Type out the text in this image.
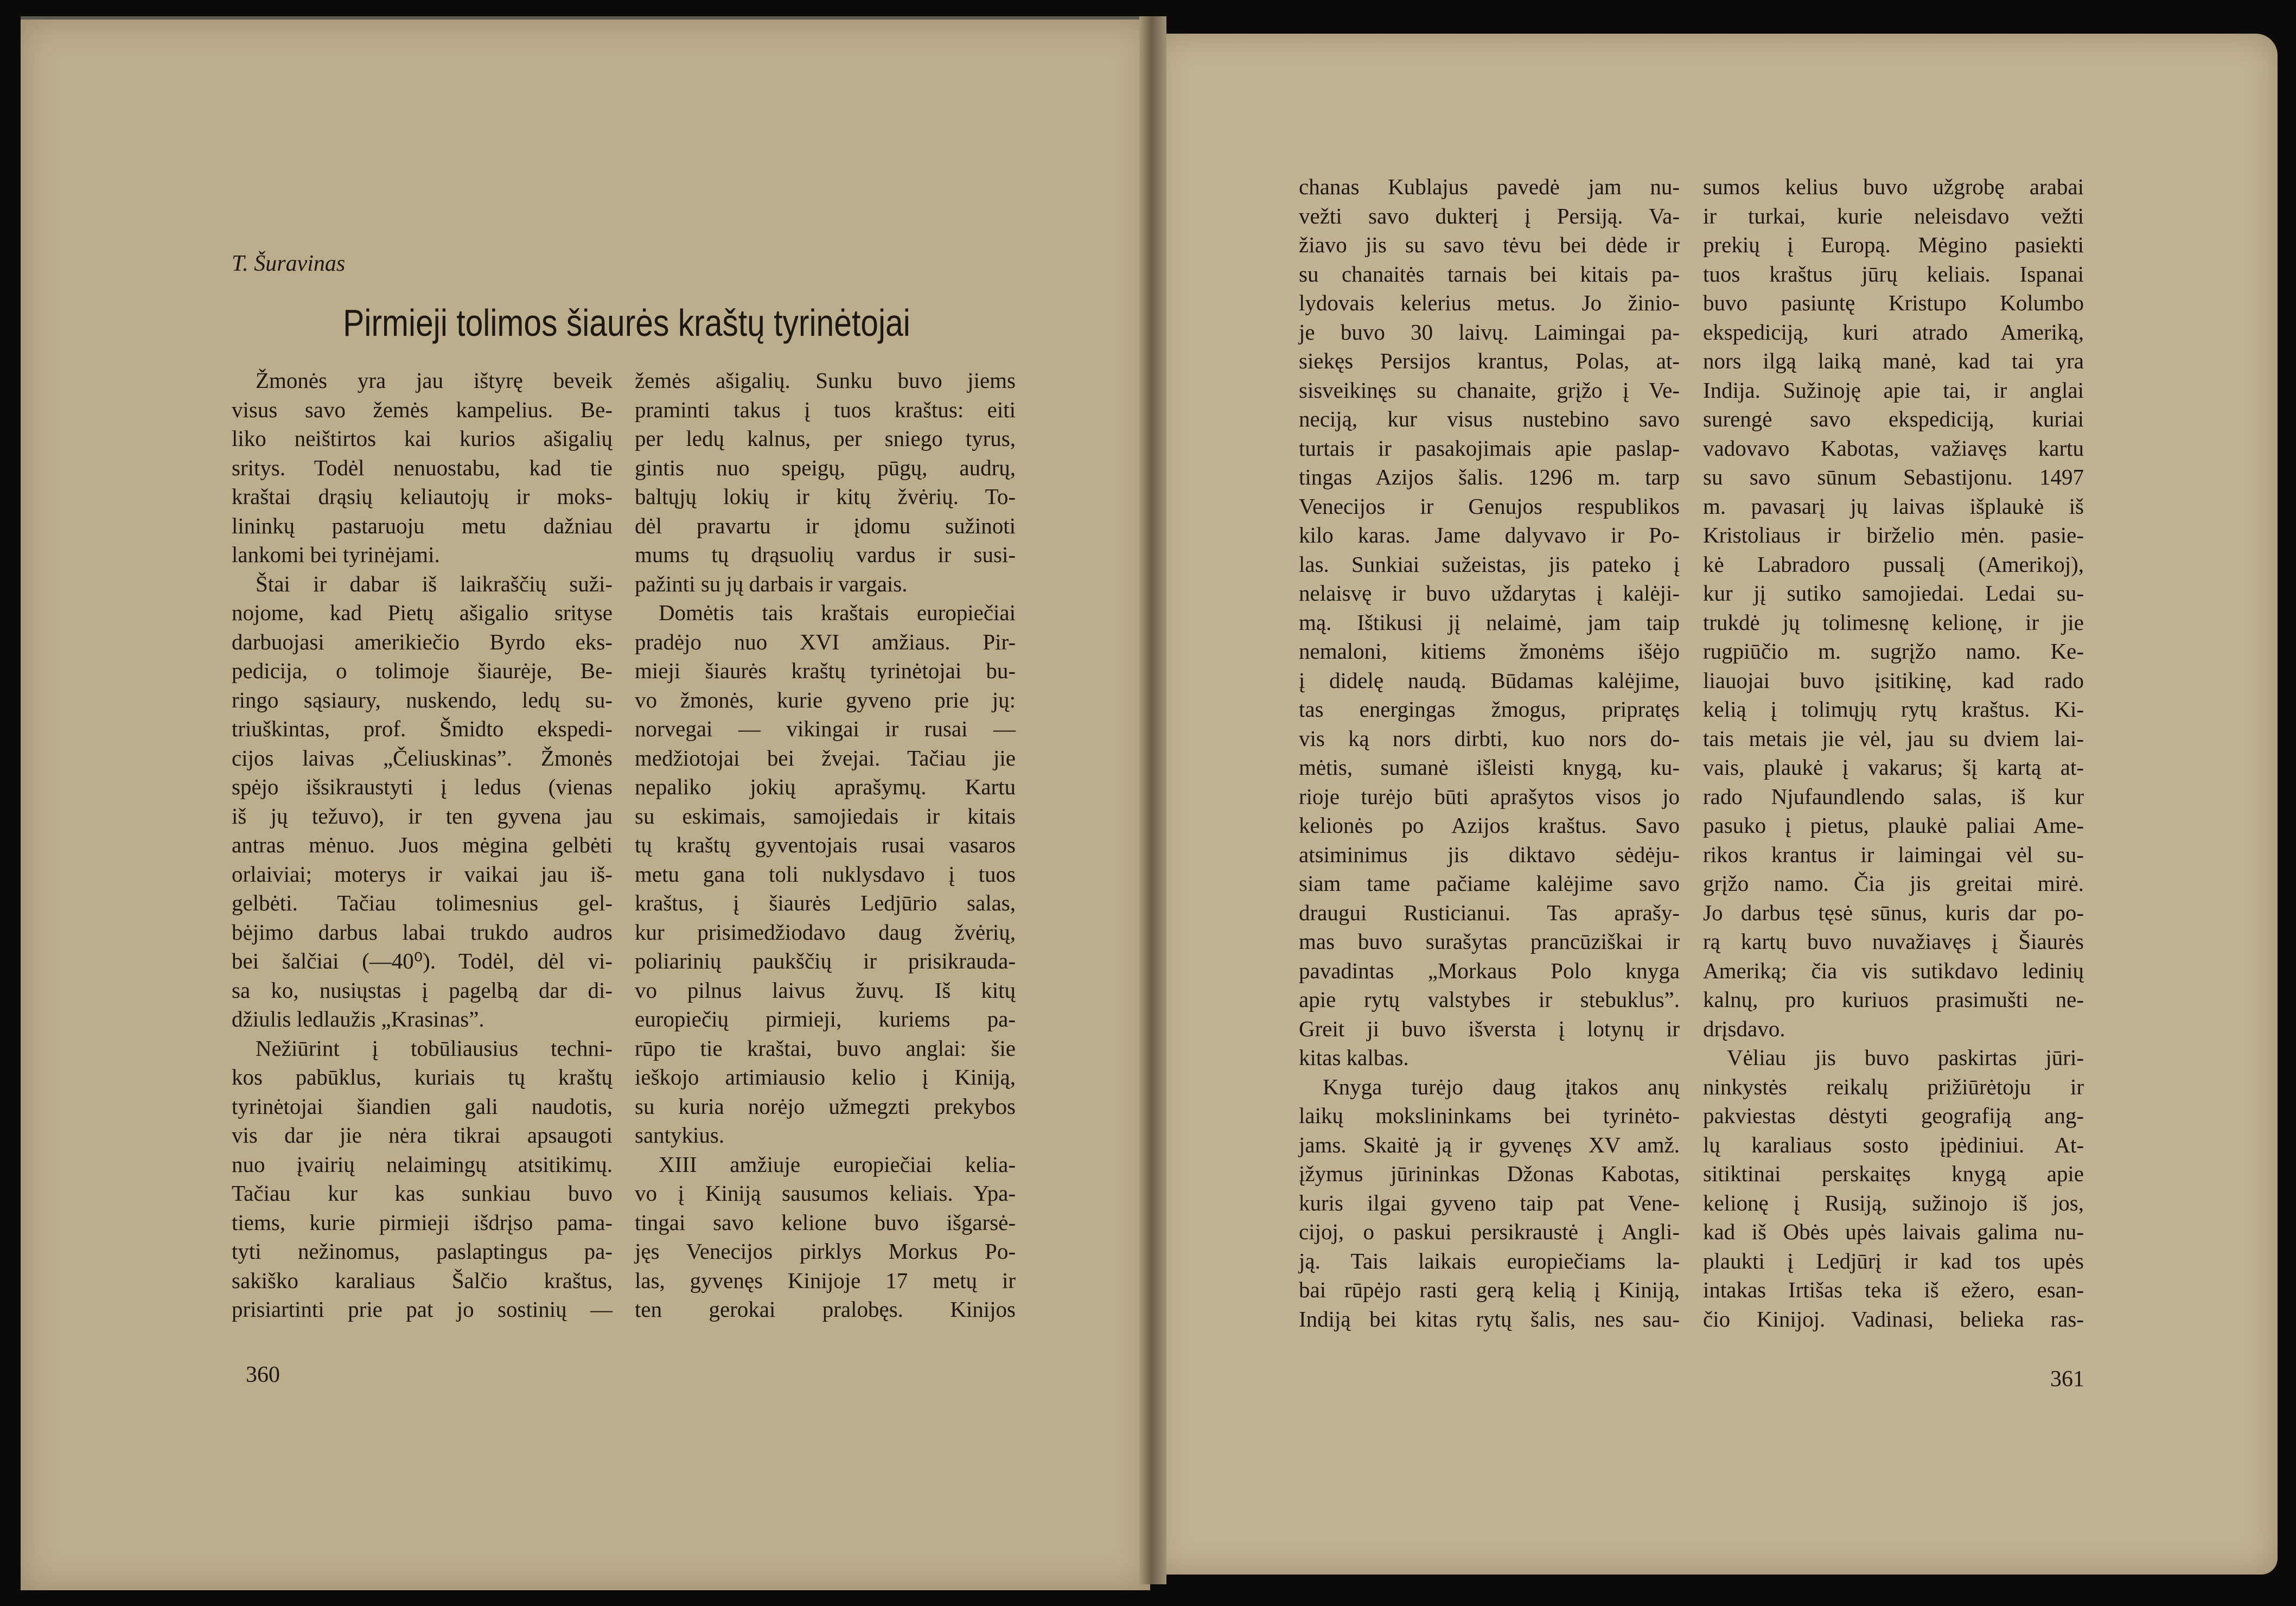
T. Šuravinas
Pirmieji tolimos šiaurės kraštų tyrinėtojai
Žmonės yra jau ištyrę beveik
visus savo žemės kampelius. Be-
liko neištirtos kai kurios ašigalių
sritys. Todėl nenuostabu, kad tie
kraštai drąsių keliautojų ir moks-
lininkų pastaruoju metu dažniau
lankomi bei tyrinėjami.
Štai ir dabar iš laikraščių suži-
nojome, kad Pietų ašigalio srityse
darbuojasi amerikiečio Byrdo eks-
pedicija, o tolimoje šiaurėje, Be-
ringo sąsiaury, nuskendo, ledų su-
triuškintas, prof. Šmidto ekspedi-
cijos laivas „Čeliuskinas”. Žmonės
spėjo išsikraustyti į ledus (vienas
iš jų težuvo), ir ten gyvena jau
antras mėnuo. Juos mėgina gelbėti
orlaiviai; moterys ir vaikai jau iš-
gelbėti. Tačiau tolimesnius gel-
bėjimo darbus labai trukdo audros
bei šalčiai (—40⁰). Todėl, dėl vi-
sa ko, nusiųstas į pagelbą dar di-
džiulis ledlaužis „Krasinas”.
Nežiūrint į tobūliausius techni-
kos pabūklus, kuriais tų kraštų
tyrinėtojai šiandien gali naudotis,
vis dar jie nėra tikrai apsaugoti
nuo įvairių nelaimingų atsitikimų.
Tačiau kur kas sunkiau buvo
tiems, kurie pirmieji išdrįso pama-
tyti nežinomus, paslaptingus pa-
sakiško karaliaus Šalčio kraštus,
prisiartinti prie pat jo sostinių —
žemės ašigalių. Sunku buvo jiems
praminti takus į tuos kraštus: eiti
per ledų kalnus, per sniego tyrus,
gintis nuo speigų, pūgų, audrų,
baltųjų lokių ir kitų žvėrių. To-
dėl pravartu ir įdomu sužinoti
mums tų drąsuolių vardus ir susi-
pažinti su jų darbais ir vargais.
Domėtis tais kraštais europiečiai
pradėjo nuo XVI amžiaus. Pir-
mieji šiaurės kraštų tyrinėtojai bu-
vo žmonės, kurie gyveno prie jų:
norvegai — vikingai ir rusai —
medžiotojai bei žvejai. Tačiau jie
nepaliko jokių aprašymų. Kartu
su eskimais, samojiedais ir kitais
tų kraštų gyventojais rusai vasaros
metu gana toli nuklysdavo į tuos
kraštus, į šiaurės Ledjūrio salas,
kur prisimedžiodavo daug žvėrių,
poliarinių paukščių ir prisikrauda-
vo pilnus laivus žuvų. Iš kitų
europiečių pirmieji, kuriems pa-
rūpo tie kraštai, buvo anglai: šie
ieškojo artimiausio kelio į Kiniją,
su kuria norėjo užmegzti prekybos
santykius.
XIII amžiuje europiečiai kelia-
vo į Kiniją sausumos keliais. Ypa-
tingai savo kelione buvo išgarsė-
jęs Venecijos pirklys Morkus Po-
las, gyvenęs Kinijoje 17 metų ir
ten gerokai pralobęs. Kinijos
chanas Kublajus pavedė jam nu-
vežti savo dukterį į Persiją. Va-
žiavo jis su savo tėvu bei dėde ir
su chanaitės tarnais bei kitais pa-
lydovais kelerius metus. Jo žinio-
je buvo 30 laivų. Laimingai pa-
siekęs Persijos krantus, Polas, at-
sisveikinęs su chanaite, grįžo į Ve-
neciją, kur visus nustebino savo
turtais ir pasakojimais apie paslap-
tingas Azijos šalis. 1296 m. tarp
Venecijos ir Genujos respublikos
kilo karas. Jame dalyvavo ir Po-
las. Sunkiai sužeistas, jis pateko į
nelaisvę ir buvo uždarytas į kalėji-
mą. Ištikusi jį nelaimė, jam taip
nemaloni, kitiems žmonėms išėjo
į didelę naudą. Būdamas kalėjime,
tas energingas žmogus, pripratęs
vis ką nors dirbti, kuo nors do-
mėtis, sumanė išleisti knygą, ku-
rioje turėjo būti aprašytos visos jo
kelionės po Azijos kraštus. Savo
atsiminimus jis diktavo sėdėju-
siam tame pačiame kalėjime savo
draugui Rusticianui. Tas aprašy-
mas buvo surašytas prancūziškai ir
pavadintas „Morkaus Polo knyga
apie rytų valstybes ir stebuklus”.
Greit ji buvo išversta į lotynų ir
kitas kalbas.
Knyga turėjo daug įtakos anų
laikų mokslininkams bei tyrinėto-
jams. Skaitė ją ir gyvenęs XV amž.
įžymus jūrininkas Džonas Kabotas,
kuris ilgai gyveno taip pat Vene-
cijoj, o paskui persikraustė į Angli-
ją. Tais laikais europiečiams la-
bai rūpėjo rasti gerą kelią į Kiniją,
Indiją bei kitas rytų šalis, nes sau-
sumos kelius buvo užgrobę arabai
ir turkai, kurie neleisdavo vežti
prekių į Europą. Mėgino pasiekti
tuos kraštus jūrų keliais. Ispanai
buvo pasiuntę Kristupo Kolumbo
ekspediciją, kuri atrado Ameriką,
nors ilgą laiką manė, kad tai yra
Indija. Sužinoję apie tai, ir anglai
surengė savo ekspediciją, kuriai
vadovavo Kabotas, važiavęs kartu
su savo sūnum Sebastijonu. 1497
m. pavasarį jų laivas išplaukė iš
Kristoliaus ir birželio mėn. pasie-
kė Labradoro pussalį (Amerikoj),
kur jį sutiko samojiedai. Ledai su-
trukdė jų tolimesnę kelionę, ir jie
rugpiūčio m. sugrįžo namo. Ke-
liauojai buvo įsitikinę, kad rado
kelią į tolimųjų rytų kraštus. Ki-
tais metais jie vėl, jau su dviem lai-
vais, plaukė į vakarus; šį kartą at-
rado Njufaundlendo salas, iš kur
pasuko į pietus, plaukė paliai Ame-
rikos krantus ir laimingai vėl su-
grįžo namo. Čia jis greitai mirė.
Jo darbus tęsė sūnus, kuris dar po-
rą kartų buvo nuvažiavęs į Šiaurės
Ameriką; čia vis sutikdavo ledinių
kalnų, pro kuriuos prasimušti ne-
drįsdavo.
Vėliau jis buvo paskirtas jūri-
ninkystės reikalų prižiūrėtoju ir
pakviestas dėstyti geografiją ang-
lų karaliaus sosto įpėdiniui. At-
sitiktinai perskaitęs knygą apie
kelionę į Rusiją, sužinojo iš jos,
kad iš Obės upės laivais galima nu-
plaukti į Ledjūrį ir kad tos upės
intakas Irtišas teka iš ežero, esan-
čio Kinijoj. Vadinasi, belieka ras-
360	361
